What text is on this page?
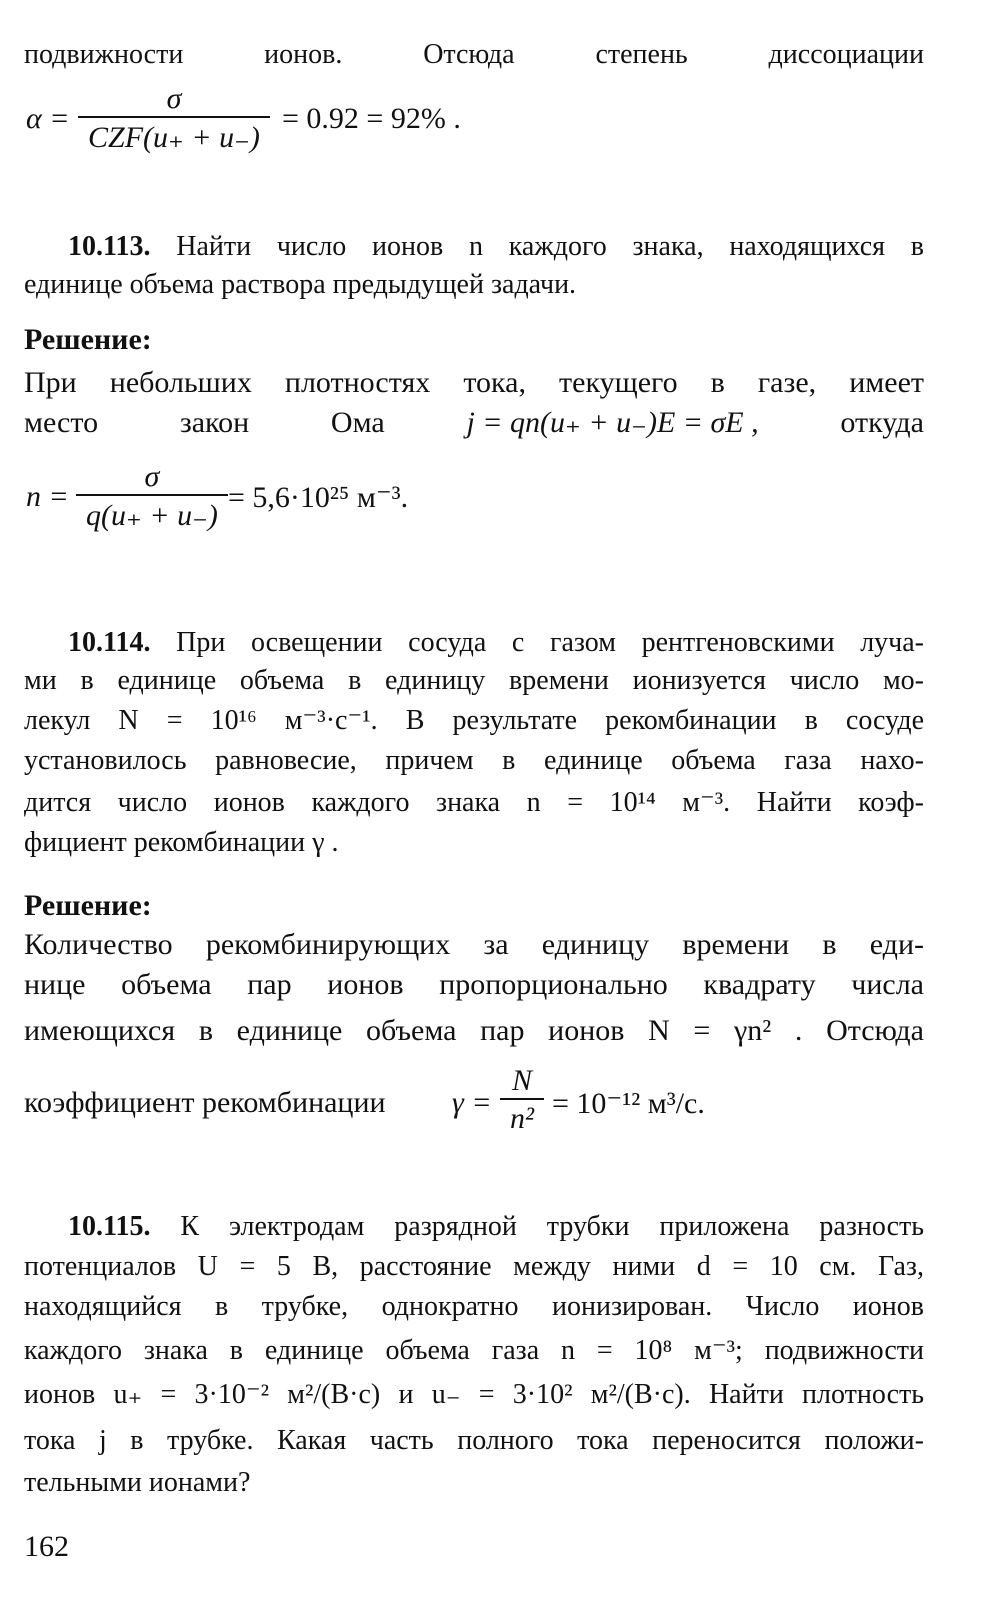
подвижности ионов. Отсюда степень диссоциации
α =
σ
CZF(u₊ + u₋)
= 0.92 = 92% .
10.113. Найти число ионов n каждого знака, находящихся в
единице объема раствора предыдущей задачи.
Решение:
При небольших плотностях тока, текущего в газе, имеет
место	закон	Ома	j = qn(u₊ + u₋)E = σE ,	откуда
$n = \frac{\sigma}{q(u_+ + u_-)} = 5,6\cdot 10^{25}$ м⁻³.
10.114. При освещении сосуда с газом рентгеновскими луча-
ми в единице объема в единицу времени ионизуется число мо-
лекул N = 10¹⁶ м⁻³·с⁻¹. В результате рекомбинации в сосуде
установилось равновесие, причем в единице объема газа нахо-
дится число ионов каждого знака n = 10¹⁴ м⁻³. Найти коэф-
фициент рекомбинации γ .
Решение:
Количество рекомбинирующих за единицу времени в еди-
нице объема пар ионов пропорционально квадрату числа
имеющихся в единице объема пар ионов N = γn² . Отсюда
коэффициент рекомбинации	$\gamma = \frac{N}{\text{n²}} = 10^{-12}$ м³/с.
10.115. К электродам разрядной трубки приложена разность
потенциалов U = 5 В, расстояние между ними d = 10 см. Газ,
находящийся в трубке, однократно ионизирован. Число ионов
каждого знака в единице объема газа n = 10⁸ м⁻³; подвижности
ионов u₊ = 3·10⁻² м²/(В·с) и u₋ = 3·10² м²/(В·с). Найти плотность
тока j в трубке. Какая часть полного тока переносится положи-
тельными ионами?
162
